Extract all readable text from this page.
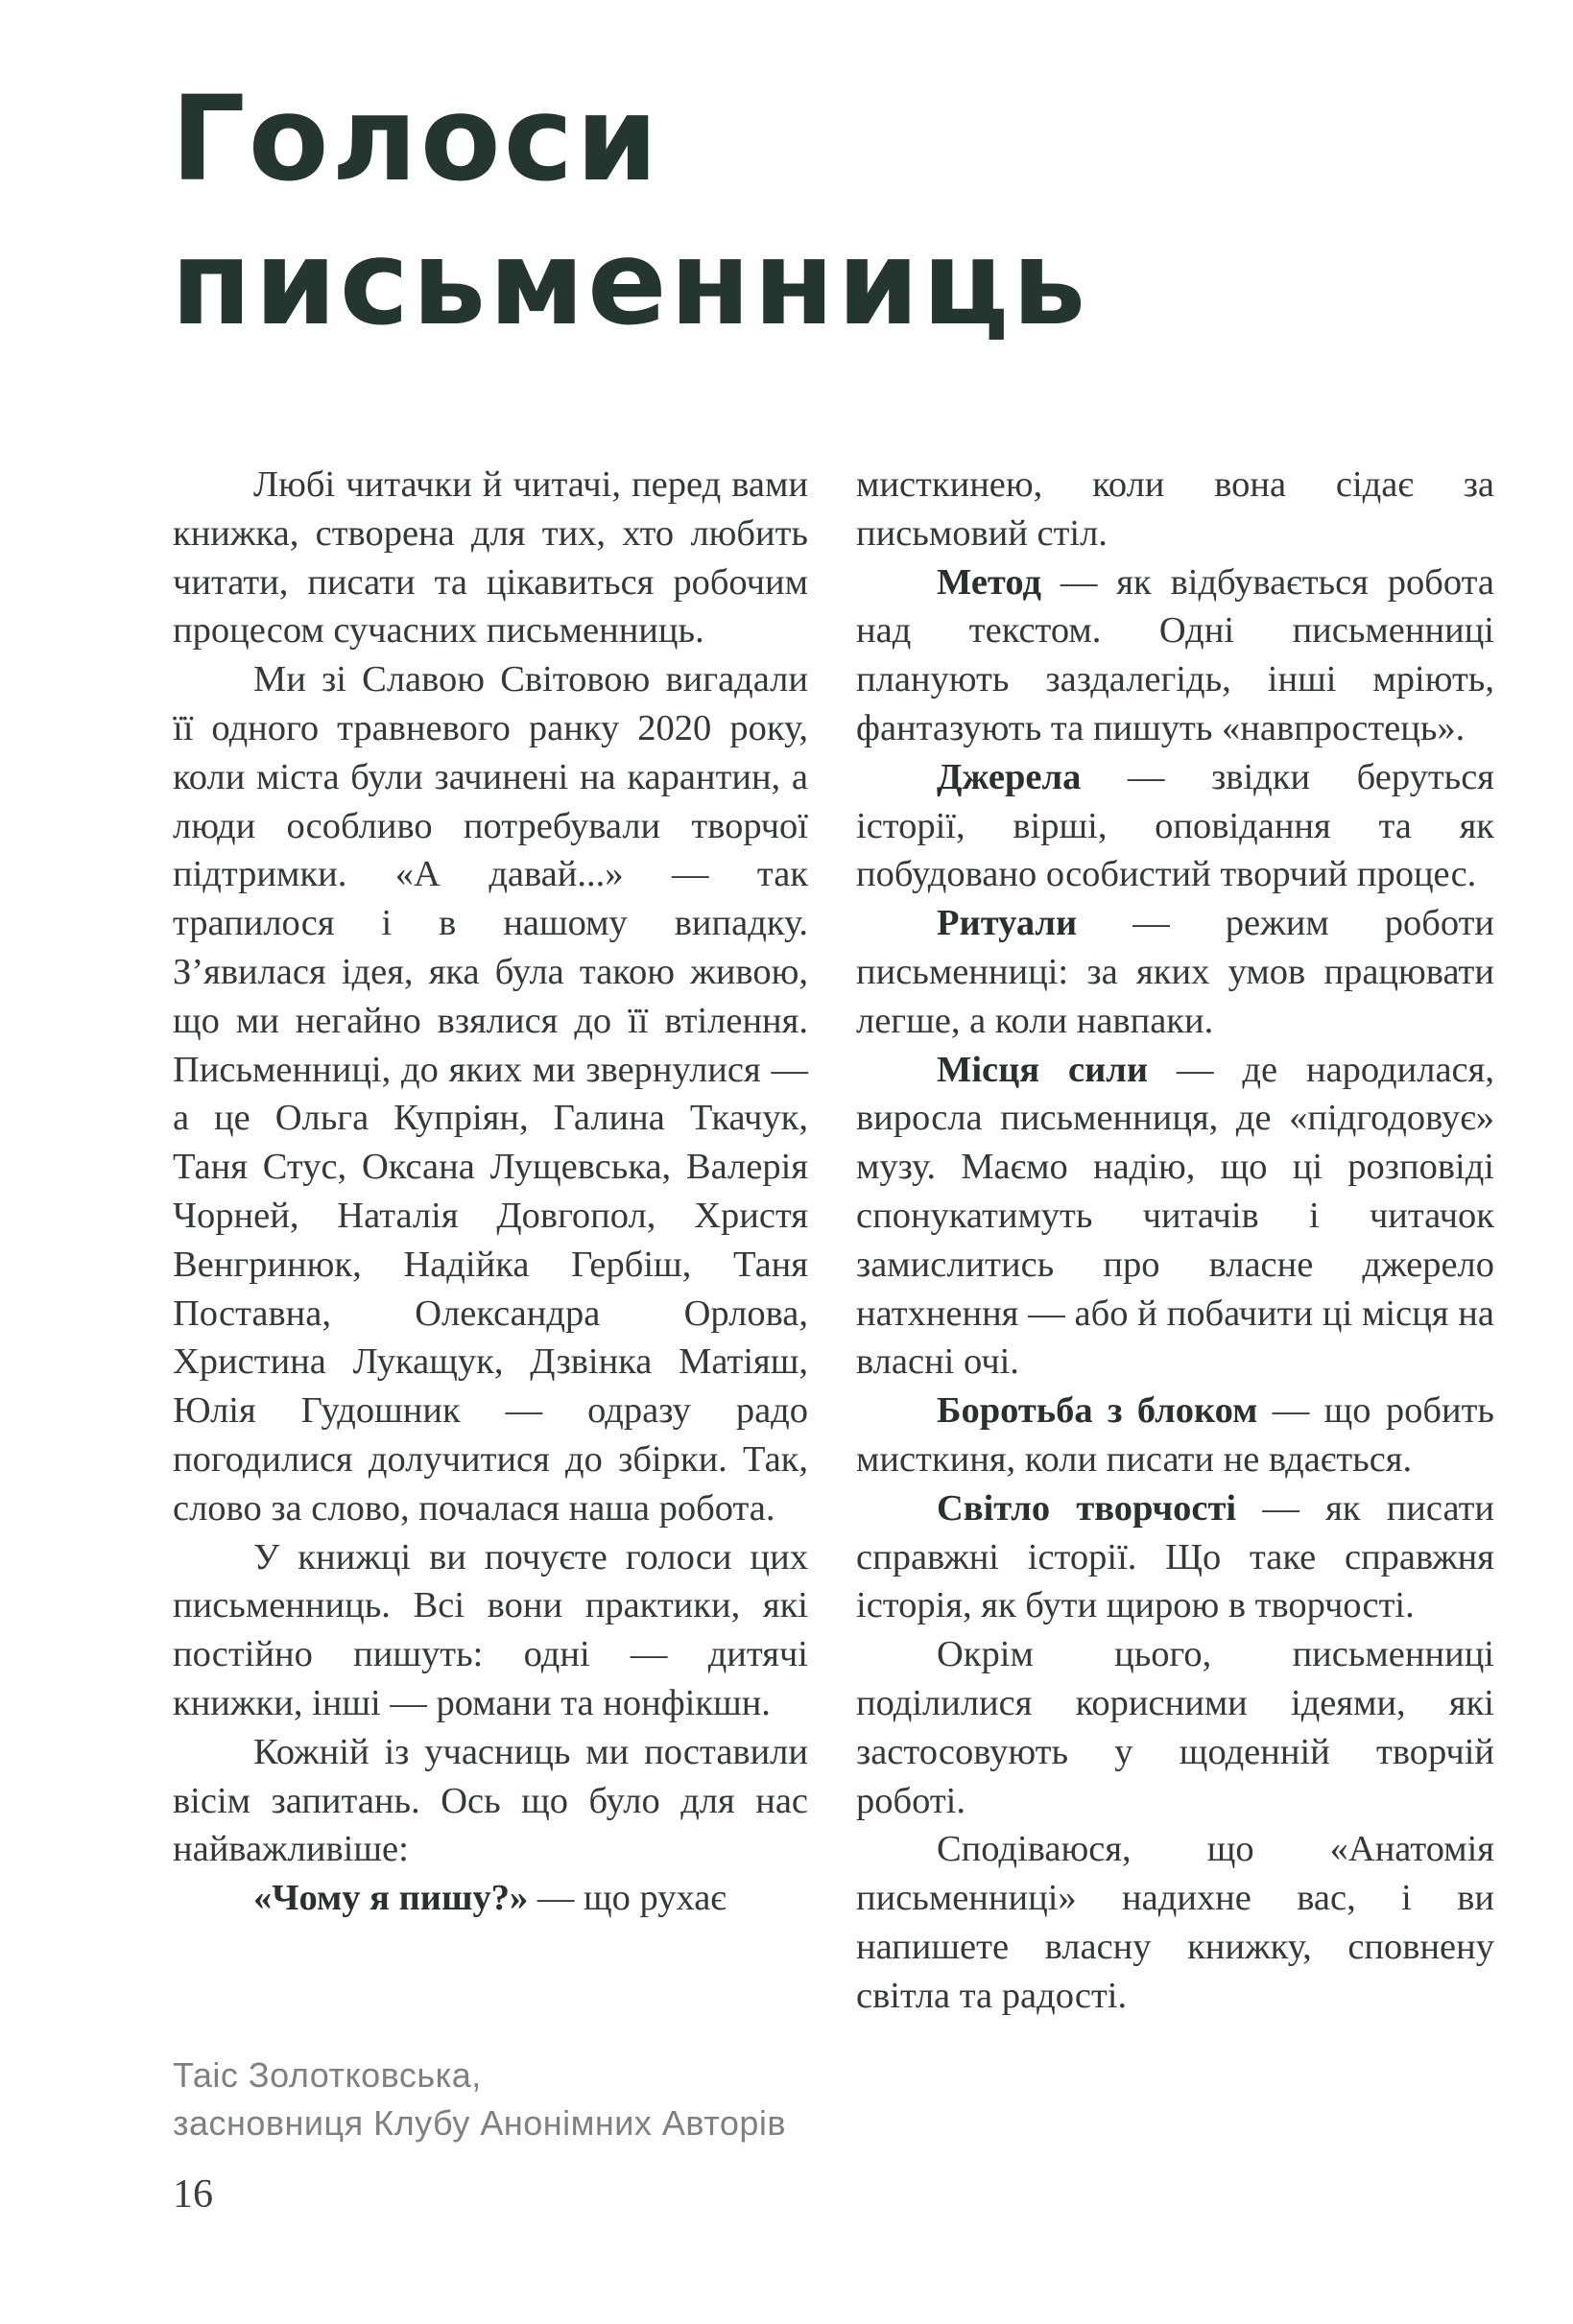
Голоси
письменниць

Любі читачки й читачі, перед вами книжка, створена для тих, хто любить читати, писати та цікавиться робочим процесом сучасних письменниць.

Ми зі Славою Світовою вигадали її одного травневого ранку 2020 року, коли міста були зачинені на карантин, а люди особливо потребували творчої підтримки. «А давай...» — так трапилося і в нашому випадку. З’явилася ідея, яка була такою живою, що ми негайно взялися до її втілення. Письменниці, до яких ми звернулися — а це Ольга Купріян, Галина Ткачук, Таня Стус, Оксана Лущевська, Валерія Чорней, Наталія Довгопол, Христя Венгринюк, Надійка Гербіш, Таня Поставна, Олександра Орлова, Христина Лукащук, Дзвінка Матіяш, Юлія Гудошник — одразу радо погодилися долучитися до збірки. Так, слово за слово, почалася наша робота.

У книжці ви почуєте голоси цих письменниць. Всі вони практики, які постійно пишуть: одні — дитячі книжки, інші — романи та нонфікшн.

Кожній із учасниць ми поставили вісім запитань. Ось що було для нас найважливіше:

«Чому я пишу?» — що рухає

мисткинею, коли вона сідає за письмовий стіл.

Метод — як відбувається робота над текстом. Одні письменниці планують заздалегідь, інші мріють, фантазують та пишуть «навпростець».

Джерела — звідки беруться історії, вірші, оповідання та як побудовано особистий творчий процес.

Ритуали — режим роботи письменниці: за яких умов працювати легше, а коли навпаки.

Місця сили — де народилася, виросла письменниця, де «підгодовує» музу. Маємо надію, що ці розповіді спонукатимуть читачів і читачок замислитись про власне джерело натхнення — або й побачити ці місця на власні очі.

Боротьба з блоком — що робить мисткиня, коли писати не вдається.

Світло творчості — як писати справжні історії. Що таке справжня історія, як бути щирою в творчості.

Окрім цього, письменниці поділилися корисними ідеями, які застосовують у щоденній творчій роботі.

Сподіваюся, що «Анатомія письменниці» надихне вас, і ви напишете власну книжку, сповнену світла та радості.

Таіс Золотковська,
засновниця Клубу Анонімних Авторів
16
